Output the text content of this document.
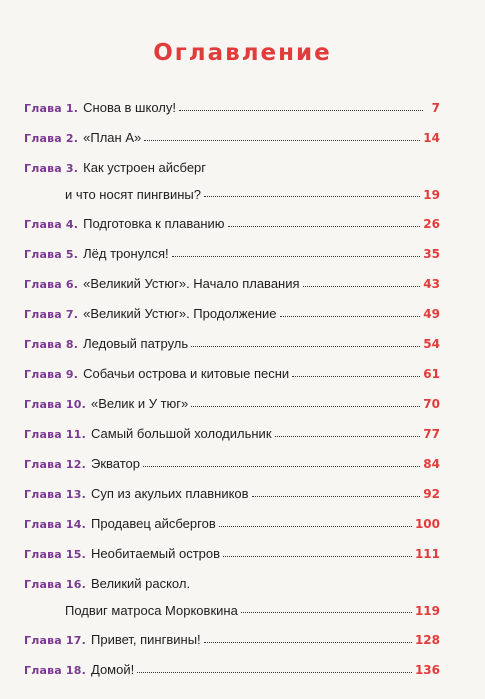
Оглавление
Глава 1. Снова в школу!	7
Глава 2. «План А»	14
Глава 3. Как устроен айсберг
и что носят пингвины?	19
Глава 4. Подготовка к плаванию	26
Глава 5. Лёд тронулся!	35
Глава 6. «Великий Устюг». Начало плавания	43
Глава 7. «Великий Устюг». Продолжение	49
Глава 8. Ледовый патруль	54
Глава 9. Собачьи острова и китовые песни	61
Глава 10. «Велик и У тюг»	70
Глава 11. Самый большой холодильник	77
Глава 12. Экватор	84
Глава 13. Суп из акульих плавников	92
Глава 14. Продавец айсбергов	100
Глава 15. Необитаемый остров	111
Глава 16. Великий раскол.
Подвиг матроса Морковкина	119
Глава 17. Привет, пингвины!	128
Глава 18. Домой!	136
